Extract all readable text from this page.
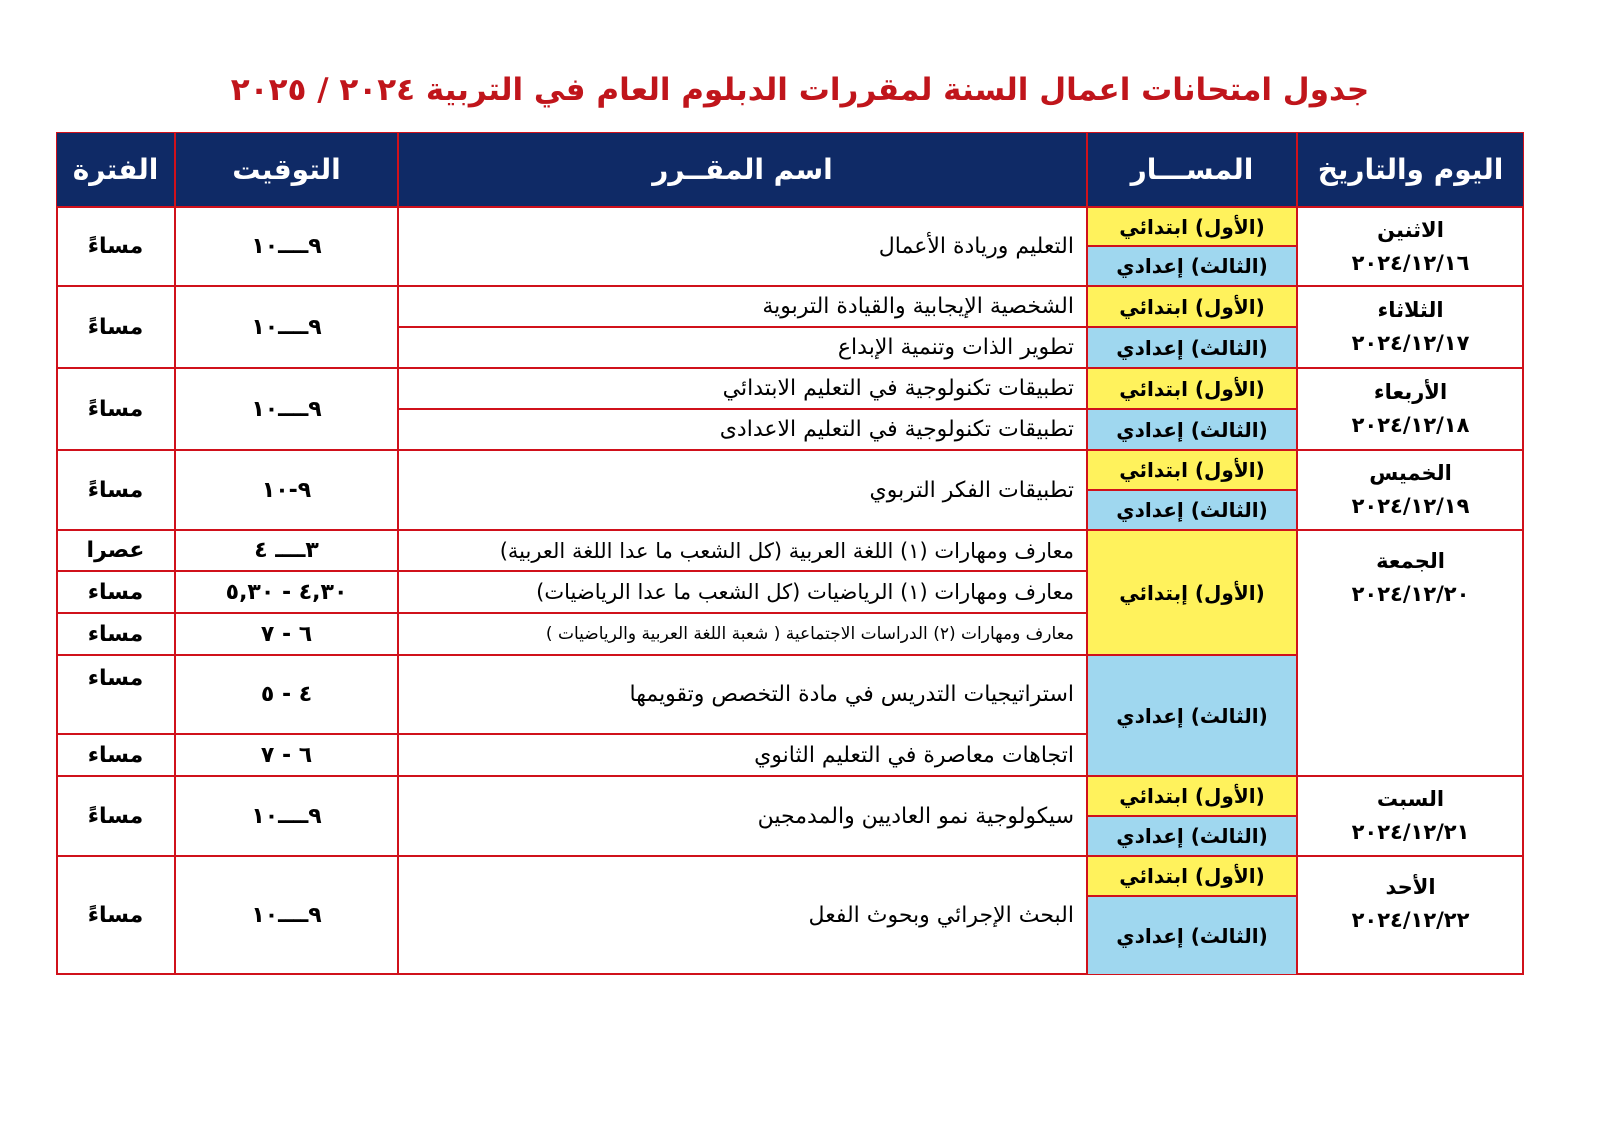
جدول امتحانات اعمال السنة لمقررات الدبلوم العام في التربية ٢٠٢٤ / ٢٠٢٥
اليوم والتاريخ
المســـار
اسم المقــرر
التوقيت
الفترة
الاثنين
٢٠٢٤/١٢/١٦
الثلاثاء
٢٠٢٤/١٢/١٧
الأربعاء
٢٠٢٤/١٢/١٨
الخميس
٢٠٢٤/١٢/١٩
الجمعة
٢٠٢٤/١٢/٢٠
السبت
٢٠٢٤/١٢/٢١
الأحد
٢٠٢٤/١٢/٢٢
(الأول) ابتدائي
(الثالث) إعدادي
(الأول) ابتدائي
(الثالث) إعدادي
(الأول) ابتدائي
(الثالث) إعدادي
(الأول) ابتدائي
(الثالث) إعدادي
(الأول) إبتدائي
(الثالث) إعدادي
(الأول) ابتدائي
(الثالث) إعدادي
(الأول) ابتدائي
(الثالث) إعدادي
التعليم وريادة الأعمال
الشخصية الإيجابية والقيادة التربوية
تطوير الذات وتنمية الإبداع
تطبيقات تكنولوجية في التعليم الابتدائي
تطبيقات تكنولوجية في التعليم الاعدادى
تطبيقات الفكر التربوي
معارف ومهارات (١) اللغة العربية (كل الشعب ما عدا اللغة العربية)
معارف ومهارات (١) الرياضيات (كل الشعب ما عدا الرياضيات)
معارف ومهارات (٢) الدراسات الاجتماعية ( شعبة اللغة العربية والرياضيات )
استراتيجيات التدريس في مادة التخصص وتقويمها
اتجاهات معاصرة في التعليم الثانوي
سيكولوجية نمو العاديين والمدمجين
البحث الإجرائي وبحوث الفعل
٩ــــ١٠
٩ــــ١٠
٩ــــ١٠
٩-١٠
٣ــــ ٤
٤,٣٠ - ٥,٣٠
٦ - ٧
٤ - ٥
٦ - ٧
٩ــــ١٠
٩ــــ١٠
مساءً
مساءً
مساءً
مساءً
عصرا
مساء
مساء
مساء
مساء
مساءً
مساءً
